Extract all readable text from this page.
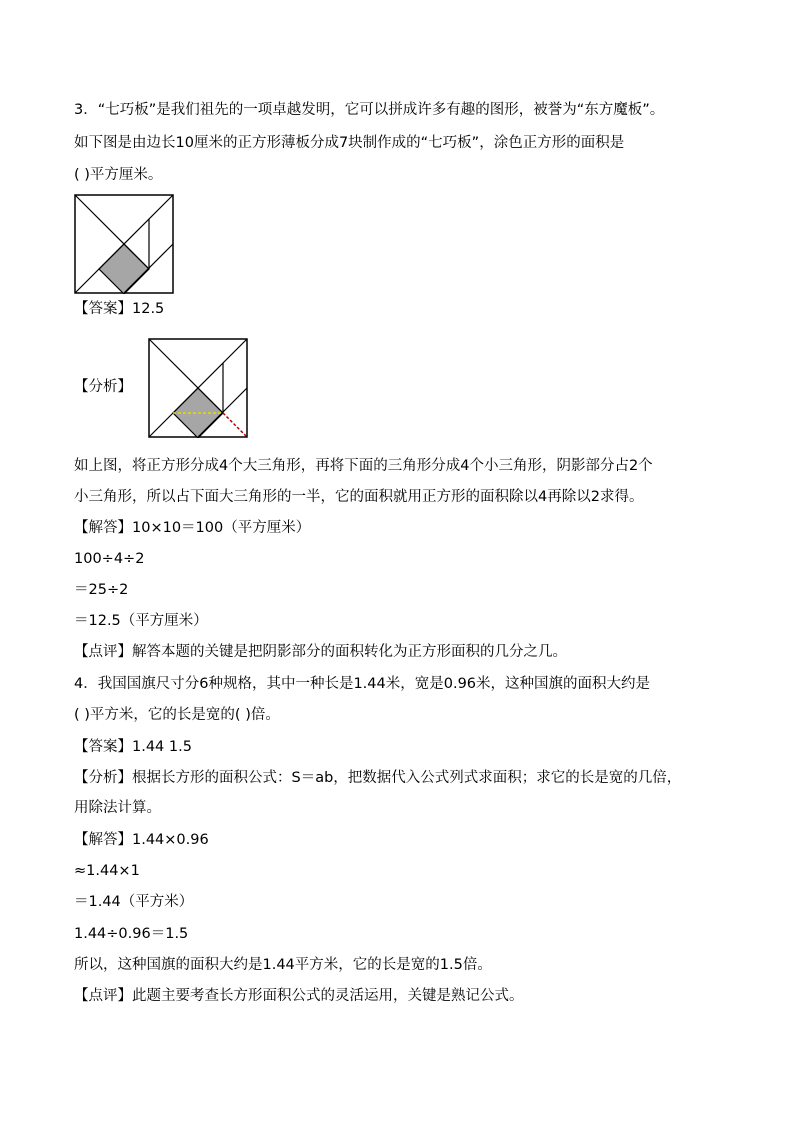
3．“七巧板”是我们祖先的一项卓越发明，它可以拼成许多有趣的图形，被誉为“东方魔板”。
如下图是由边长10厘米的正方形薄板分成7块制作成的“七巧板”，涂色正方形的面积是
( )平方厘米。
【答案】12.5
【分析】
如上图，将正方形分成4个大三角形，再将下面的三角形分成4个小三角形，阴影部分占2个
小三角形，所以占下面大三角形的一半，它的面积就用正方形的面积除以4再除以2求得。
【解答】10×10＝100（平方厘米）
100÷4÷2
＝25÷2
＝12.5（平方厘米）
【点评】解答本题的关键是把阴影部分的面积转化为正方形面积的几分之几。
4．我国国旗尺寸分6种规格，其中一种长是1.44米，宽是0.96米，这种国旗的面积大约是
( )平方米，它的长是宽的( )倍。
【答案】1.44 1.5
【分析】根据长方形的面积公式：S＝ab，把数据代入公式列式求面积；求它的长是宽的几倍，
用除法计算。
【解答】1.44×0.96
≈1.44×1
＝1.44（平方米）
1.44÷0.96＝1.5
所以，这种国旗的面积大约是1.44平方米，它的长是宽的1.5倍。
【点评】此题主要考查长方形面积公式的灵活运用，关键是熟记公式。
